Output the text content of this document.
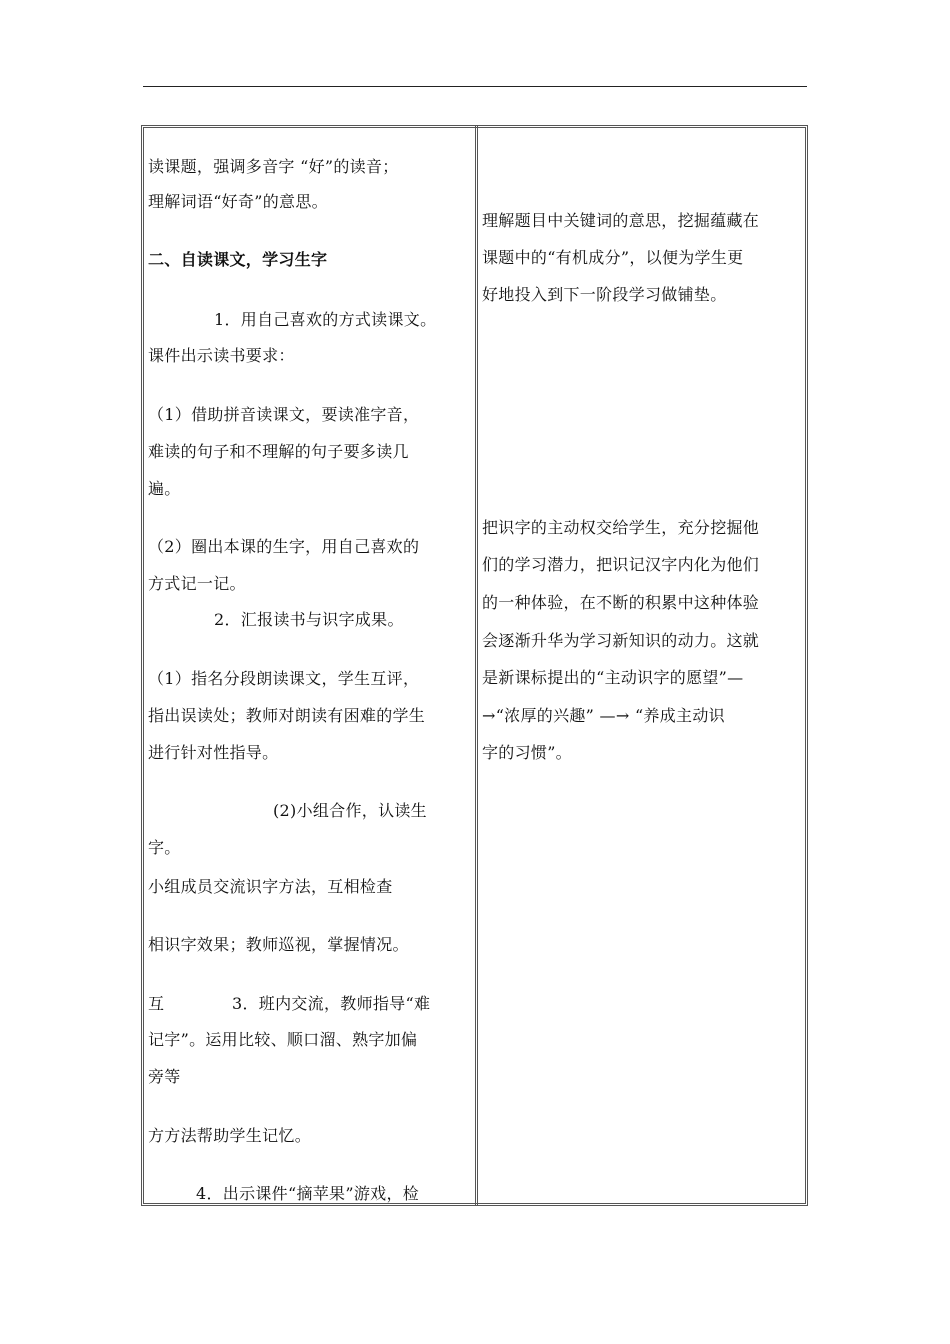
读课题，强调多音字 “好”的读音；
理解词语“好奇”的意思。
二、自读课文，学习生字
1．用自己喜欢的方式读课文。
课件出示读书要求：
（1）借助拼音读课文，要读准字音，
难读的句子和不理解的句子要多读几
遍。
（2）圈出本课的生字，用自己喜欢的
方式记一记。
2．汇报读书与识字成果。
（1）指名分段朗读课文，学生互评，
指出误读处；教师对朗读有困难的学生
进行针对性指导。
(2)小组合作，认读生
字。
小组成员交流识字方法，互相检查
相识字效果；教师巡视，掌握情况。
互	3．班内交流，教师指导“难
记字”。运用比较、顺口溜、熟字加偏
旁等
方方法帮助学生记忆。
4．出示课件“摘苹果”游戏，检
理解题目中关键词的意思，挖掘蕴藏在
课题中的“有机成分”，以便为学生更
好地投入到下一阶段学习做铺垫。
把识字的主动权交给学生，充分挖掘他
们的学习潜力，把识记汉字内化为他们
的一种体验，在不断的积累中这种体验
会逐渐升华为学习新知识的动力。这就
是新课标提出的“主动识字的愿望”—
→“浓厚的兴趣” —→ “养成主动识
字的习惯”。
